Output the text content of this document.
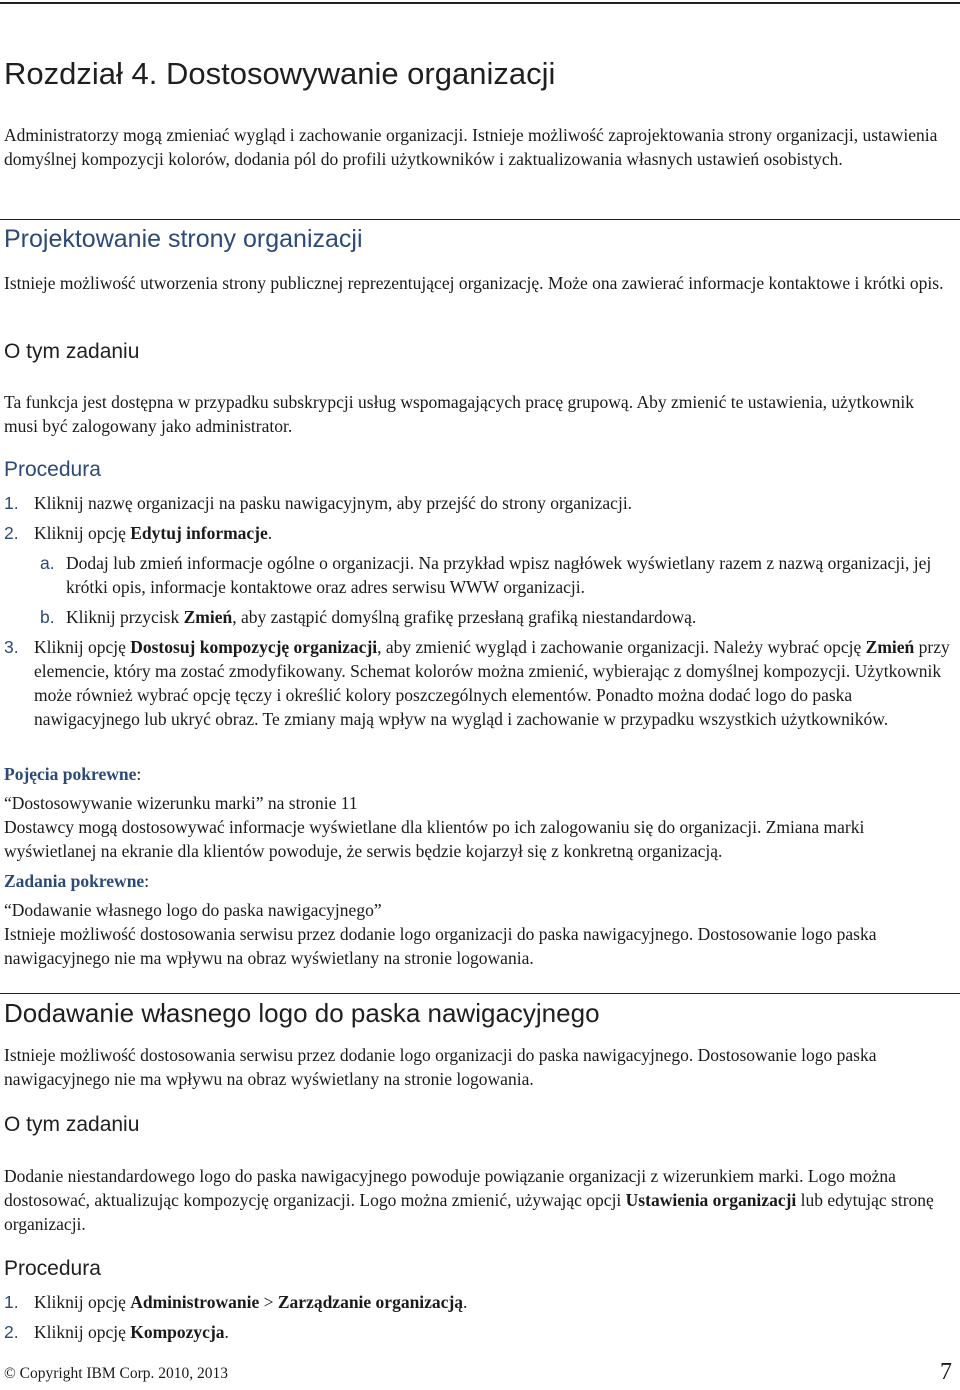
Rozdział 4. Dostosowywanie organizacji

Administratorzy mogą zmieniać wygląd i zachowanie organizacji. Istnieje możliwość zaprojektowania strony organizacji, ustawienia domyślnej kompozycji kolorów, dodania pól do profili użytkowników i zaktualizowania własnych ustawień osobistych.

Projektowanie strony organizacji

Istnieje możliwość utworzenia strony publicznej reprezentującej organizację. Może ona zawierać informacje kontaktowe i krótki opis.

O tym zadaniu

Ta funkcja jest dostępna w przypadku subskrypcji usług wspomagających pracę grupową. Aby zmienić te ustawienia, użytkownik musi być zalogowany jako administrator.

Procedura
1. Kliknij nazwę organizacji na pasku nawigacyjnym, aby przejść do strony organizacji.
2. Kliknij opcję Edytuj informacje.
a. Dodaj lub zmień informacje ogólne o organizacji. Na przykład wpisz nagłówek wyświetlany razem z nazwą organizacji, jej krótki opis, informacje kontaktowe oraz adres serwisu WWW organizacji.
b. Kliknij przycisk Zmień, aby zastąpić domyślną grafikę przesłaną grafiką niestandardową.
3. Kliknij opcję Dostosuj kompozycję organizacji, aby zmienić wygląd i zachowanie organizacji. Należy wybrać opcję Zmień przy elemencie, który ma zostać zmodyfikowany. Schemat kolorów można zmienić, wybierając z domyślnej kompozycji. Użytkownik może również wybrać opcję tęczy i określić kolory poszczególnych elementów. Ponadto można dodać logo do paska nawigacyjnego lub ukryć obraz. Te zmiany mają wpływ na wygląd i zachowanie w przypadku wszystkich użytkowników.
Pojęcia pokrewne:
“Dostosowywanie wizerunku marki” na stronie 11

Dostawcy mogą dostosowywać informacje wyświetlane dla klientów po ich zalogowaniu się do organizacji. Zmiana marki wyświetlanej na ekranie dla klientów powoduje, że serwis będzie kojarzył się z konkretną organizacją.

Zadania pokrewne:
“Dodawanie własnego logo do paska nawigacyjnego”

Istnieje możliwość dostosowania serwisu przez dodanie logo organizacji do paska nawigacyjnego. Dostosowanie logo paska nawigacyjnego nie ma wpływu na obraz wyświetlany na stronie logowania.

Dodawanie własnego logo do paska nawigacyjnego

Istnieje możliwość dostosowania serwisu przez dodanie logo organizacji do paska nawigacyjnego. Dostosowanie logo paska nawigacyjnego nie ma wpływu na obraz wyświetlany na stronie logowania.

O tym zadaniu

Dodanie niestandardowego logo do paska nawigacyjnego powoduje powiązanie organizacji z wizerunkiem marki. Logo można dostosować, aktualizując kompozycję organizacji. Logo można zmienić, używając opcji Ustawienia organizacji lub edytując stronę organizacji.

Procedura
1. Kliknij opcję Administrowanie > Zarządzanie organizacją.
2. Kliknij opcję Kompozycja.
© Copyright IBM Corp. 2010, 2013	7
